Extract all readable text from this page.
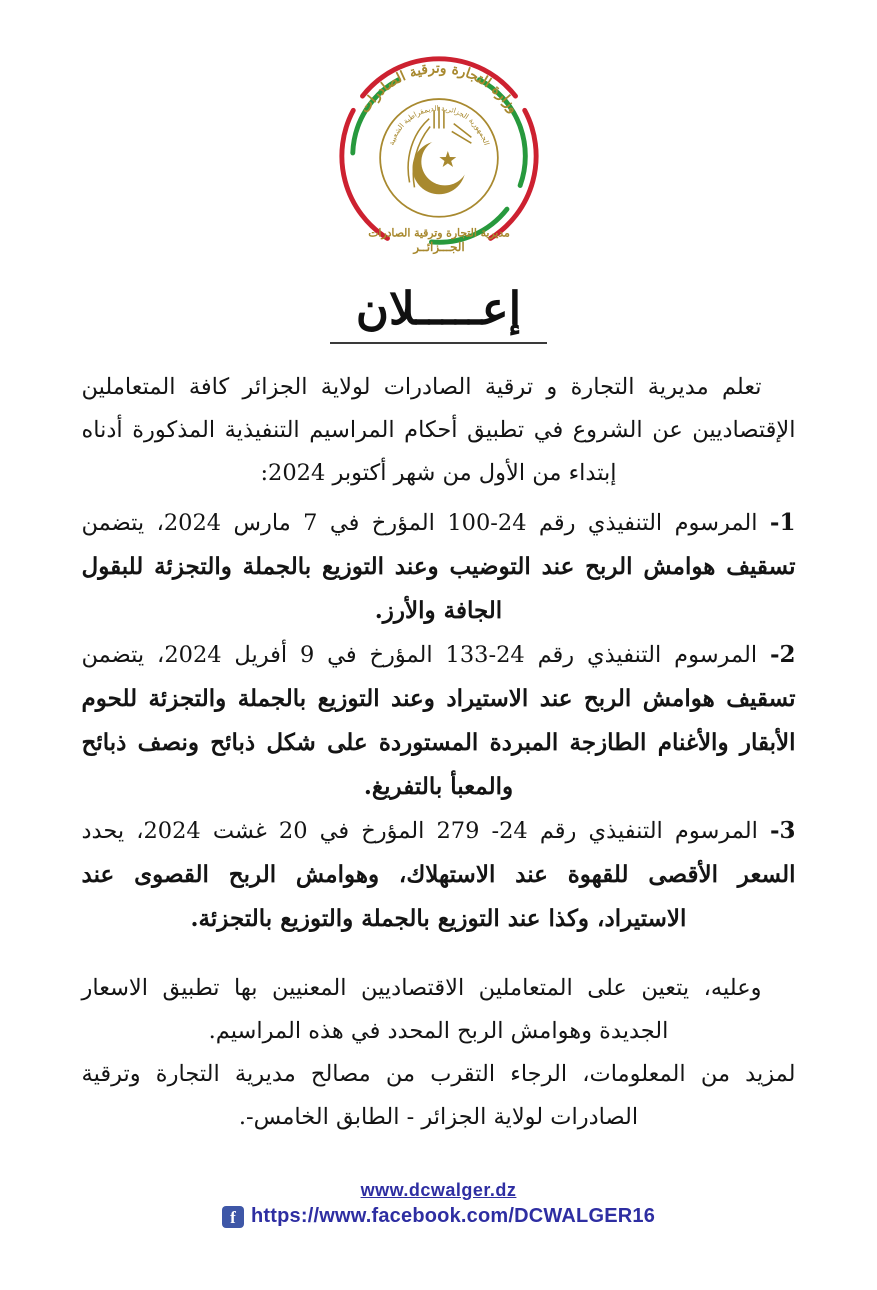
وزارة التجارة وترقية الصادرات
الجمهورية الجزائرية الديمقراطية الشعبية
مديرية التجارة وترقية الصادرات
الجـــزائــر
إعـــــلان

تعلم مديرية التجارة و ترقية الصادرات لولاية الجزائر كافة المتعاملين الإقتصاديين عن الشروع في تطبيق أحكام المراسيم التنفيذية المذكورة أدناه إبتداء من الأول من شهر أكتوبر 2024:

1- المرسوم التنفيذي رقم 24-100 المؤرخ في 7 مارس 2024، يتضمن تسقيف هوامش الربح عند التوضيب وعند التوزيع بالجملة والتجزئة للبقول الجافة والأرز.

2- المرسوم التنفيذي رقم 24-133 المؤرخ في 9 أفريل 2024، يتضمن تسقيف هوامش الربح عند الاستيراد وعند التوزيع بالجملة والتجزئة للحوم الأبقار والأغنام الطازجة المبردة المستوردة على شكل ذبائح ونصف ذبائح والمعبأ بالتفريغ.

3- المرسوم التنفيذي رقم 24- 279 المؤرخ في 20 غشت 2024، يحدد السعر الأقصى للقهوة عند الاستهلاك، وهوامش الربح القصوى عند الاستيراد، وكذا عند التوزيع بالجملة والتوزيع بالتجزئة.

وعليه، يتعين على المتعاملين الاقتصاديين المعنيين بها تطبيق الاسعار الجديدة وهوامش الربح المحدد في هذه المراسيم.

لمزيد من المعلومات، الرجاء التقرب من مصالح مديرية التجارة وترقية الصادرات لولاية الجزائر - الطابق الخامس-.

www.dcwalger.dz
f https://www.facebook.com/DCWALGER16
